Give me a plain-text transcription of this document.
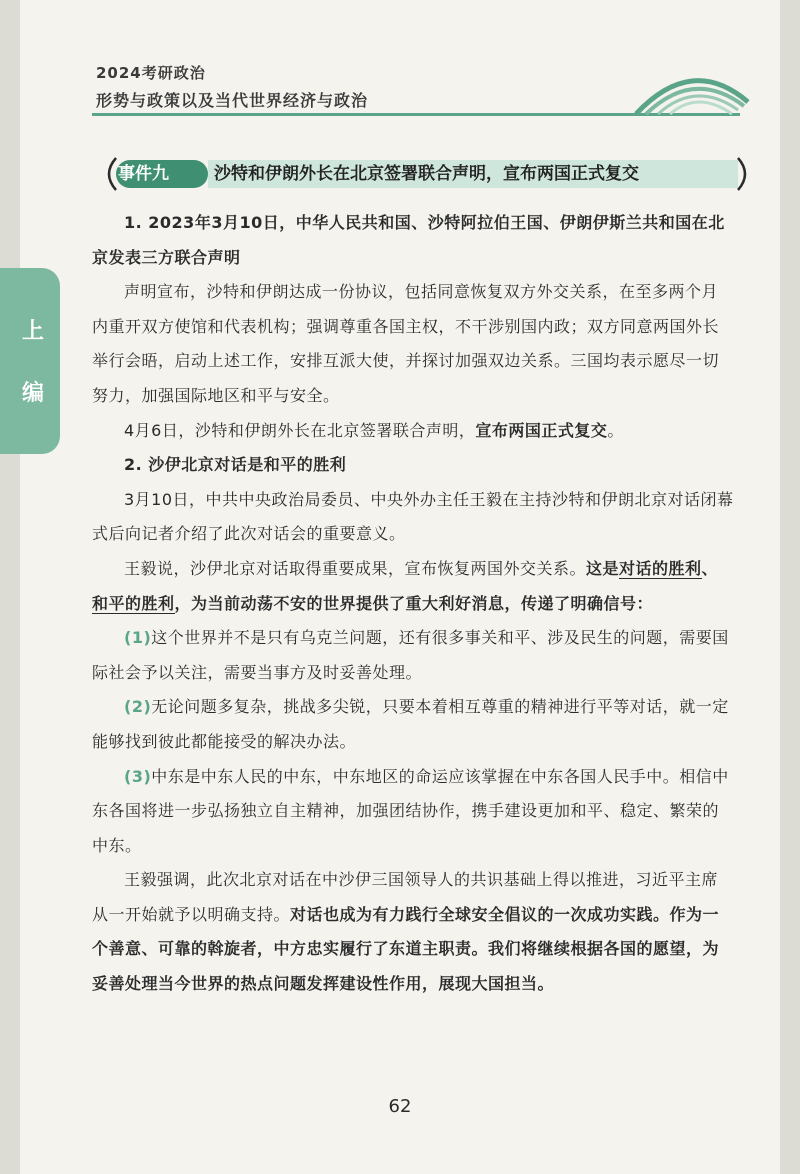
2024考研政治
形势与政策以及当代世界经济与政治
上
编
事件九	沙特和伊朗外长在北京签署联合声明，宣布两国正式复交

1. 2023年3月10日，中华人民共和国、沙特阿拉伯王国、伊朗伊斯兰共和国在北京发表三方联合声明

声明宣布，沙特和伊朗达成一份协议，包括同意恢复双方外交关系，在至多两个月内重开双方使馆和代表机构；强调尊重各国主权，不干涉别国内政；双方同意两国外长举行会晤，启动上述工作，安排互派大使，并探讨加强双边关系。三国均表示愿尽一切努力，加强国际地区和平与安全。

4月6日，沙特和伊朗外长在北京签署联合声明，宣布两国正式复交。

2. 沙伊北京对话是和平的胜利

3月10日，中共中央政治局委员、中央外办主任王毅在主持沙特和伊朗北京对话闭幕式后向记者介绍了此次对话会的重要意义。

王毅说，沙伊北京对话取得重要成果，宣布恢复两国外交关系。这是对话的胜利、和平的胜利，为当前动荡不安的世界提供了重大利好消息，传递了明确信号：

(1)这个世界并不是只有乌克兰问题，还有很多事关和平、涉及民生的问题，需要国际社会予以关注，需要当事方及时妥善处理。

(2)无论问题多复杂，挑战多尖锐，只要本着相互尊重的精神进行平等对话，就一定能够找到彼此都能接受的解决办法。

(3)中东是中东人民的中东，中东地区的命运应该掌握在中东各国人民手中。相信中东各国将进一步弘扬独立自主精神，加强团结协作，携手建设更加和平、稳定、繁荣的中东。

王毅强调，此次北京对话在中沙伊三国领导人的共识基础上得以推进，习近平主席从一开始就予以明确支持。对话也成为有力践行全球安全倡议的一次成功实践。作为一个善意、可靠的斡旋者，中方忠实履行了东道主职责。我们将继续根据各国的愿望，为妥善处理当今世界的热点问题发挥建设性作用，展现大国担当。

62
